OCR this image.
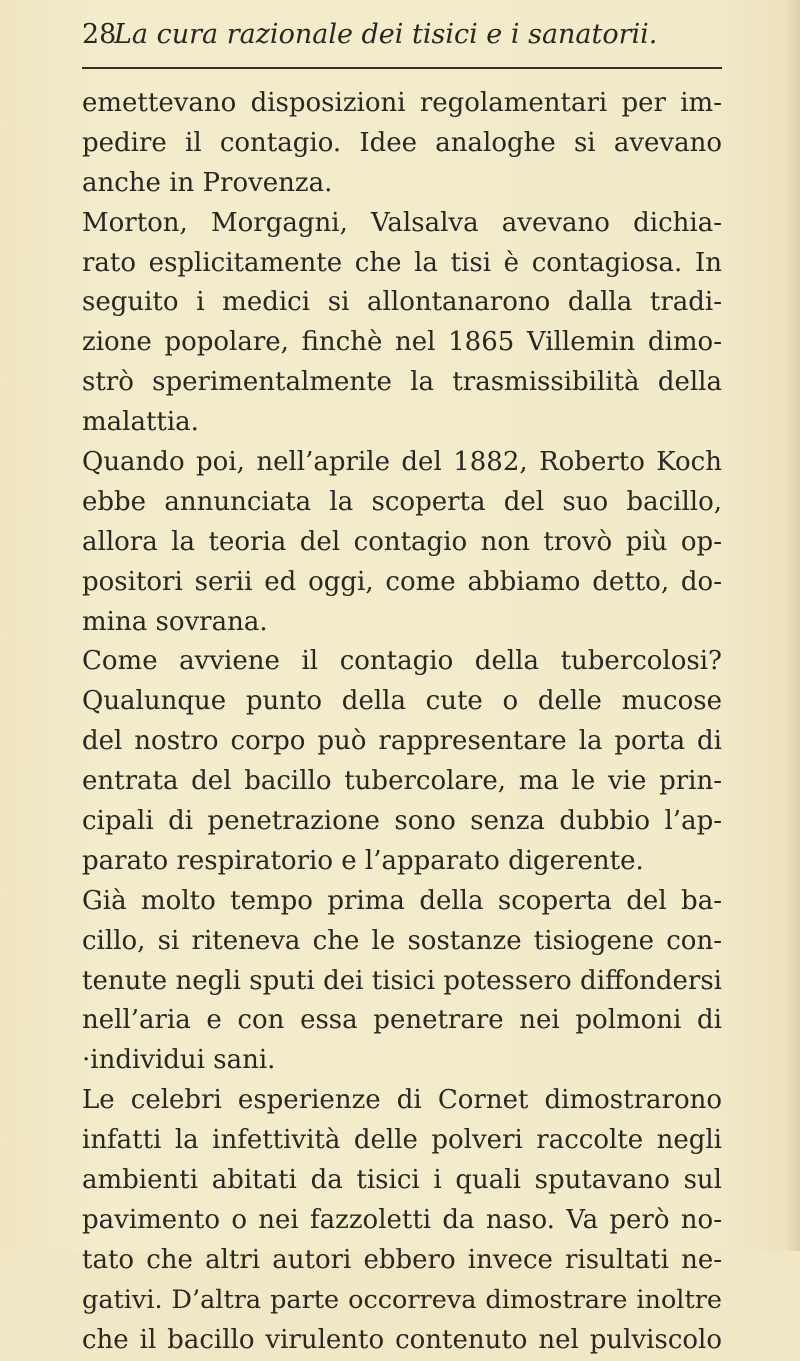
28
La cura razionale dei tisici e i sanatorii.
emettevano disposizioni regolamentari per im-
pedire il contagio. Idee analoghe si avevano
anche in Provenza.
Morton, Morgagni, Valsalva avevano dichia-
rato esplicitamente che la tisi è contagiosa. In
seguito i medici si allontanarono dalla tradi-
zione popolare, finchè nel 1865 Villemin dimo-
strò sperimentalmente la trasmissibilità della
malattia.
Quando poi, nell’aprile del 1882, Roberto Koch
ebbe annunciata la scoperta del suo bacillo,
allora la teoria del contagio non trovò più op-
positori serii ed oggi, come abbiamo detto, do-
mina sovrana.
Come avviene il contagio della tubercolosi?
Qualunque punto della cute o delle mucose
del nostro corpo può rappresentare la porta di
entrata del bacillo tubercolare, ma le vie prin-
cipali di penetrazione sono senza dubbio l’ap-
parato respiratorio e l’apparato digerente.
Già molto tempo prima della scoperta del ba-
cillo, si riteneva che le sostanze tisiogene con-
tenute negli sputi dei tisici potessero diffondersi
nell’aria e con essa penetrare nei polmoni di
·individui sani.
Le celebri esperienze di Cornet dimostrarono
infatti la infettività delle polveri raccolte negli
ambienti abitati da tisici i quali sputavano sul
pavimento o nei fazzoletti da naso. Va però no-
tato che altri autori ebbero invece risultati ne-
gativi. D’altra parte occorreva dimostrare inoltre
che il bacillo virulento contenuto nel pulviscolo
